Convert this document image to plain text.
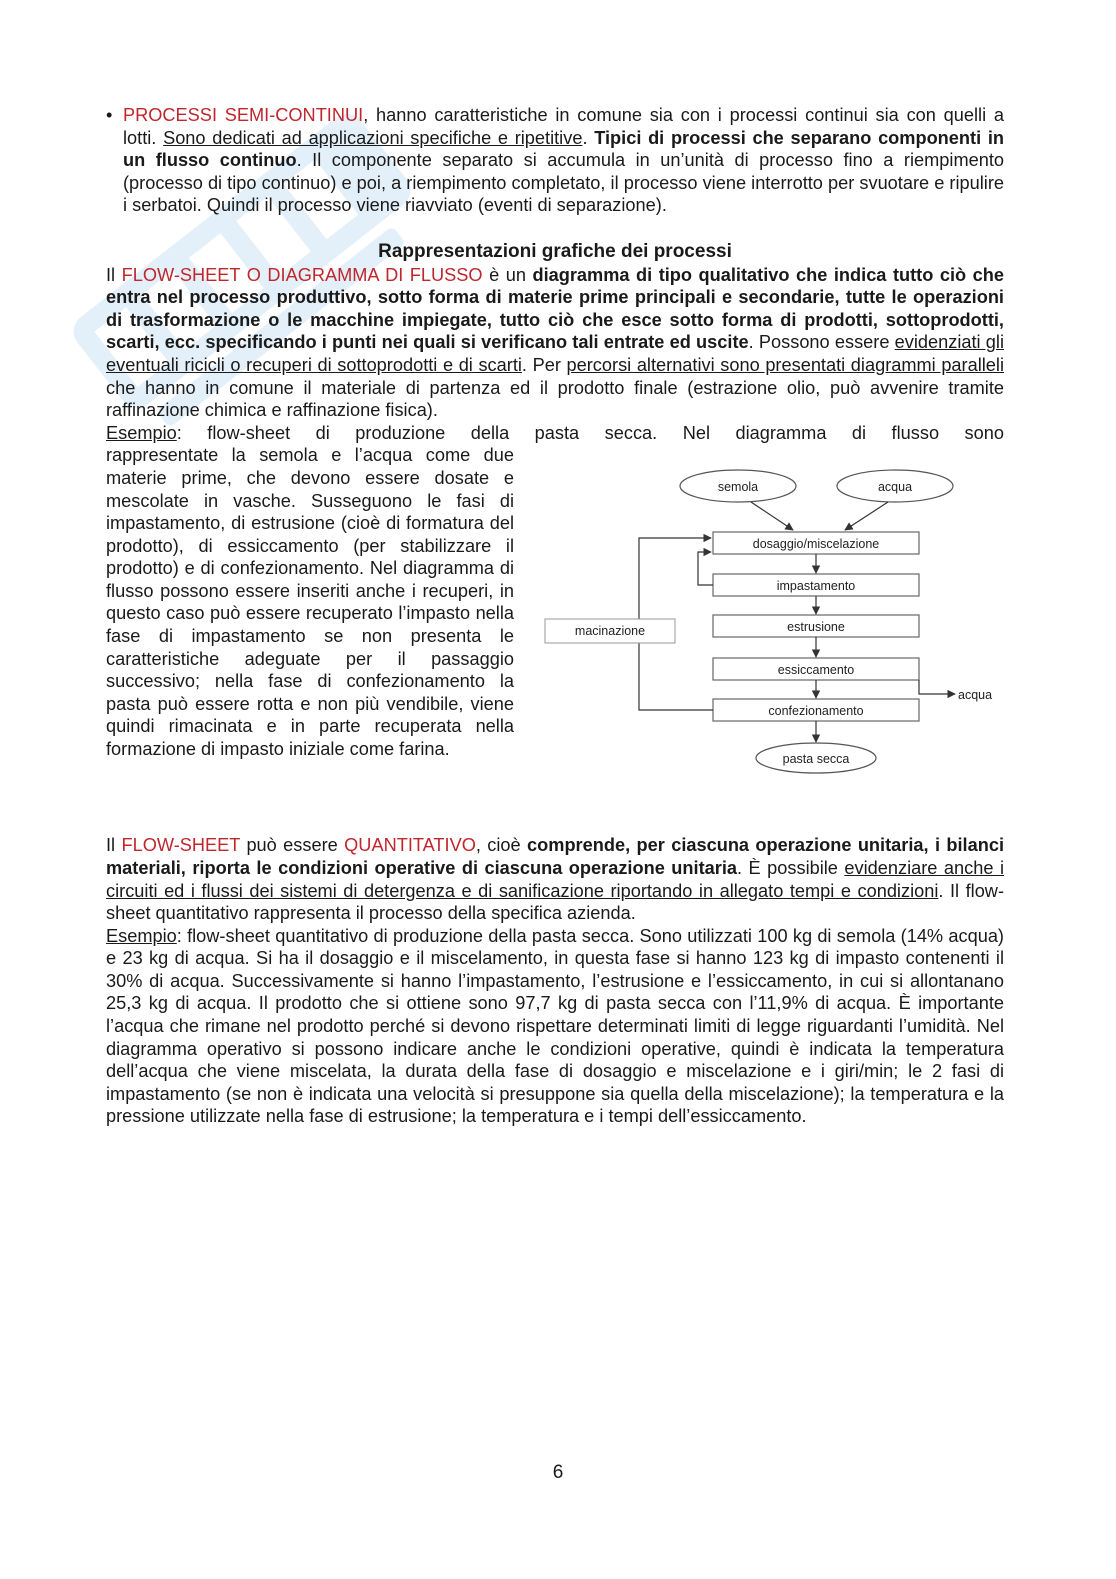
• PROCESSI SEMI-CONTINUI, hanno caratteristiche in comune sia con i processi continui sia con quelli a lotti. Sono dedicati ad applicazioni specifiche e ripetitive. Tipici di processi che separano componenti in un flusso continuo. Il componente separato si accumula in un’unità di processo fino a riempimento (processo di tipo continuo) e poi, a riempimento completato, il processo viene interrotto per svuotare e ripulire i serbatoi. Quindi il processo viene riavviato (eventi di separazione).
Rappresentazioni grafiche dei processi
Il FLOW-SHEET O DIAGRAMMA DI FLUSSO è un diagramma di tipo qualitativo che indica tutto ciò che entra nel processo produttivo, sotto forma di materie prime principali e secondarie, tutte le operazioni di trasformazione o le macchine impiegate, tutto ciò che esce sotto forma di prodotti, sottoprodotti, scarti, ecc. specificando i punti nei quali si verificano tali entrate ed uscite. Possono essere evidenziati gli eventuali ricicli o recuperi di sottoprodotti e di scarti. Per percorsi alternativi sono presentati diagrammi paralleli che hanno in comune il materiale di partenza ed il prodotto finale (estrazione olio, può avvenire tramite raffinazione chimica e raffinazione fisica).
Esempio: flow-sheet di produzione della pasta secca. Nel diagramma di flusso sono
rappresentate la semola e l’acqua come due materie prime, che devono essere dosate e mescolate in vasche. Susseguono le fasi di impastamento, di estrusione (cioè di formatura del prodotto), di essiccamento (per stabilizzare il prodotto) e di confezionamento. Nel diagramma di flusso possono essere inseriti anche i recuperi, in questo caso può essere recuperato l’impasto nella fase di impastamento se non presenta le caratteristiche adeguate per il passaggio successivo; nella fase di confezionamento la pasta può essere rotta e non più vendibile, viene quindi rimacinata e in parte recuperata nella formazione di impasto iniziale come farina.
semola	acqua
dosaggio/miscelazione
impastamento
estrusione
essiccamento
confezionamento
macinazione
acqua
pasta secca
Il FLOW-SHEET può essere QUANTITATIVO, cioè comprende, per ciascuna operazione unitaria, i bilanci materiali, riporta le condizioni operative di ciascuna operazione unitaria. È possibile evidenziare anche i circuiti ed i flussi dei sistemi di detergenza e di sanificazione riportando in allegato tempi e condizioni. Il flow-sheet quantitativo rappresenta il processo della specifica azienda.
Esempio: flow-sheet quantitativo di produzione della pasta secca. Sono utilizzati 100 kg di semola (14% acqua) e 23 kg di acqua. Si ha il dosaggio e il miscelamento, in questa fase si hanno 123 kg di impasto contenenti il 30% di acqua. Successivamente si hanno l’impastamento, l’estrusione e l’essiccamento, in cui si allontanano 25,3 kg di acqua. Il prodotto che si ottiene sono 97,7 kg di pasta secca con l’11,9% di acqua. È importante l’acqua che rimane nel prodotto perché si devono rispettare determinati limiti di legge riguardanti l’umidità. Nel diagramma operativo si possono indicare anche le condizioni operative, quindi è indicata la temperatura dell’acqua che viene miscelata, la durata della fase di dosaggio e miscelazione e i giri/min; le 2 fasi di impastamento (se non è indicata una velocità si presuppone sia quella della miscelazione); la temperatura e la pressione utilizzate nella fase di estrusione; la temperatura e i tempi dell’essiccamento.
6
